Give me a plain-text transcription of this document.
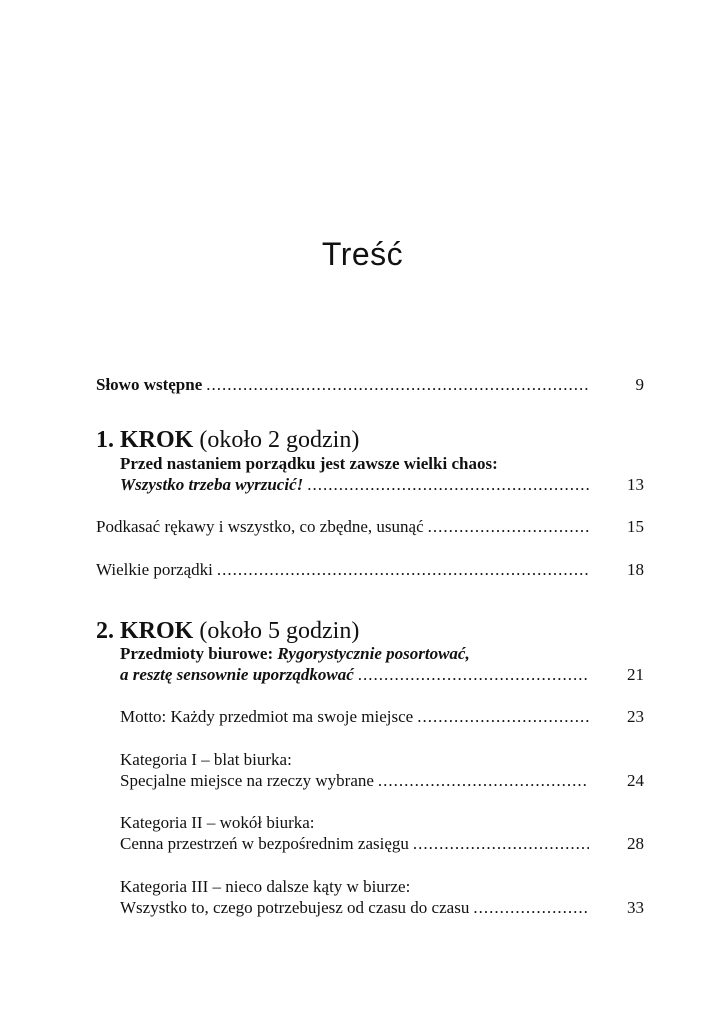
Treść
Słowo wstępne .....	9
1. KROK (około 2 godzin)
Przed nastaniem porządku jest zawsze wielki chaos:
Wszystko trzeba wyrzucić! .....	13
Podkasać rękawy i wszystko, co zbędne, usunąć .....	15
Wielkie porządki .....	18
2. KROK (około 5 godzin)
Przedmioty biurowe: Rygorystycznie posortować,
a resztę sensownie uporządkować .....	21
Motto: Każdy przedmiot ma swoje miejsce .....	23
Kategoria I – blat biurka:
Specjalne miejsce na rzeczy wybrane .....	24
Kategoria II – wokół biurka:
Cenna przestrzeń w bezpośrednim zasięgu .....	28
Kategoria III – nieco dalsze kąty w biurze:
Wszystko to, czego potrzebujesz od czasu do czasu .....	33
